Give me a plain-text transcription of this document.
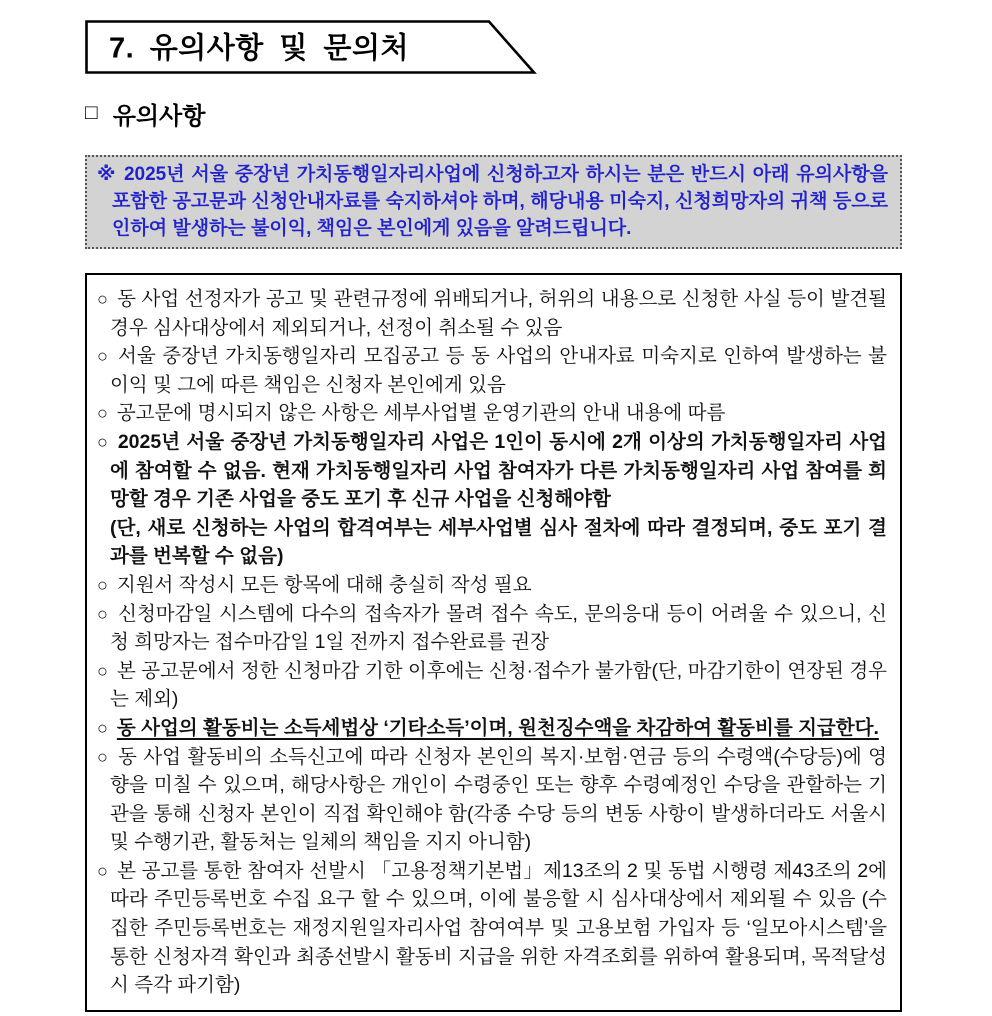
7. 유의사항 및 문의처
□ 유의사항

※ 2025년 서울 중장년 가치동행일자리사업에 신청하고자 하시는 분은 반드시 아래 유의사항을 포함한 공고문과 신청안내자료를 숙지하셔야 하며, 해당내용 미숙지, 신청희망자의 귀책 등으로 인하여 발생하는 불이익, 책임은 본인에게 있음을 알려드립니다.

○ 동 사업 선정자가 공고 및 관련규정에 위배되거나, 허위의 내용으로 신청한 사실 등이 발견될 경우 심사대상에서 제외되거나, 선정이 취소될 수 있음
○ 서울 중장년 가치동행일자리 모집공고 등 동 사업의 안내자료 미숙지로 인하여 발생하는 불이익 및 그에 따른 책임은 신청자 본인에게 있음
○ 공고문에 명시되지 않은 사항은 세부사업별 운영기관의 안내 내용에 따름
○ 2025년 서울 중장년 가치동행일자리 사업은 1인이 동시에 2개 이상의 가치동행일자리 사업에 참여할 수 없음. 현재 가치동행일자리 사업 참여자가 다른 가치동행일자리 사업 참여를 희망할 경우 기존 사업을 중도 포기 후 신규 사업을 신청해야함
(단, 새로 신청하는 사업의 합격여부는 세부사업별 심사 절차에 따라 결정되며, 중도 포기 결과를 번복할 수 없음)
○ 지원서 작성시 모든 항목에 대해 충실히 작성 필요
○ 신청마감일 시스템에 다수의 접속자가 몰려 접수 속도, 문의응대 등이 어려울 수 있으니, 신청 희망자는 접수마감일 1일 전까지 접수완료를 권장
○ 본 공고문에서 정한 신청마감 기한 이후에는 신청·접수가 불가함(단, 마감기한이 연장된 경우는 제외)
○ 동 사업의 활동비는 소득세법상 ‘기타소득’이며, 원천징수액을 차감하여 활동비를 지급한다.
○ 동 사업 활동비의 소득신고에 따라 신청자 본인의 복지·보험·연금 등의 수령액(수당등)에 영향을 미칠 수 있으며, 해당사항은 개인이 수령중인 또는 향후 수령예정인 수당을 관할하는 기관을 통해 신청자 본인이 직접 확인해야 함(각종 수당 등의 변동 사항이 발생하더라도 서울시 및 수행기관, 활동처는 일체의 책임을 지지 아니함)
○ 본 공고를 통한 참여자 선발시 「고용정책기본법」제13조의 2 및 동법 시행령 제43조의 2에 따라 주민등록번호 수집 요구 할 수 있으며, 이에 불응할 시 심사대상에서 제외될 수 있음 (수집한 주민등록번호는 재정지원일자리사업 참여여부 및 고용보험 가입자 등 ‘일모아시스템’을 통한 신청자격 확인과 최종선발시 활동비 지급을 위한 자격조회를 위하여 활용되며, 목적달성시 즉각 파기함)
